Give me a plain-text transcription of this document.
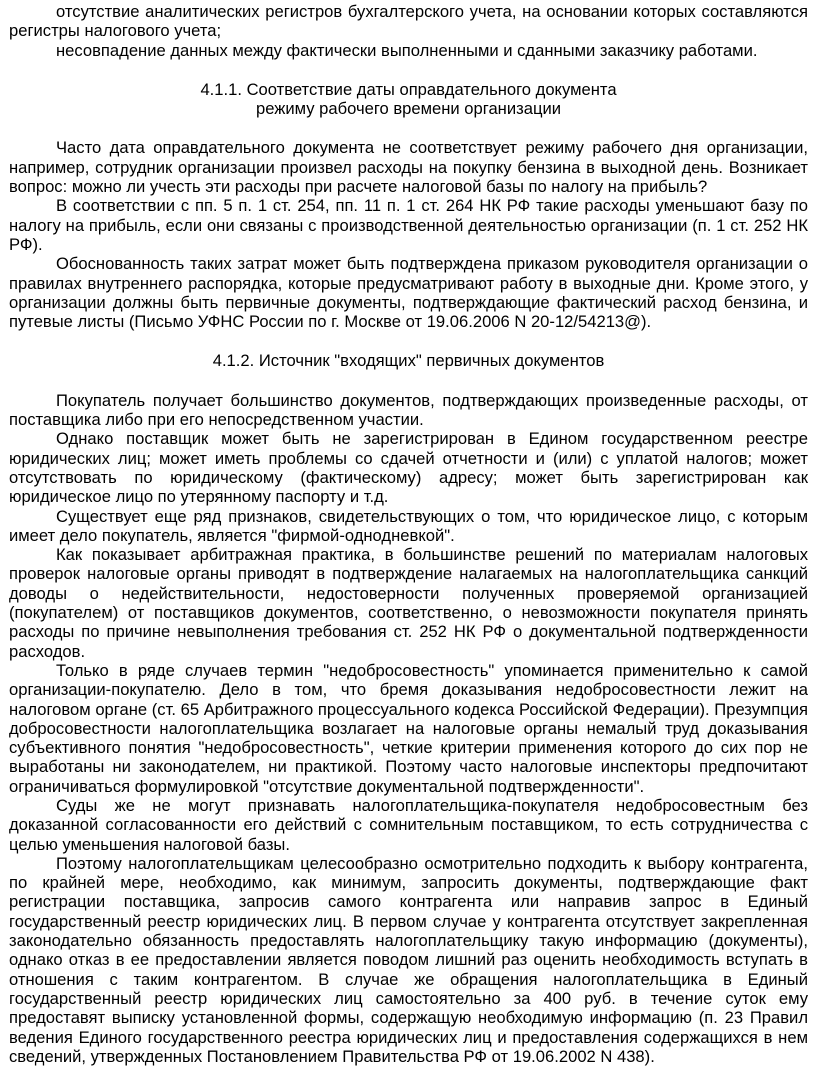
отсутствие аналитических регистров бухгалтерского учета, на основании которых составляются регистры налогового учета;

несовпадение данных между фактически выполненными и сданными заказчику работами.

4.1.1. Соответствие даты оправдательного документа

режиму рабочего времени организации

Часто дата оправдательного документа не соответствует режиму рабочего дня организации, например, сотрудник организации произвел расходы на покупку бензина в выходной день. Возникает вопрос: можно ли учесть эти расходы при расчете налоговой базы по налогу на прибыль?

В соответствии с пп. 5 п. 1 ст. 254, пп. 11 п. 1 ст. 264 НК РФ такие расходы уменьшают базу по налогу на прибыль, если они связаны с производственной деятельностью организации (п. 1 ст. 252 НК РФ).

Обоснованность таких затрат может быть подтверждена приказом руководителя организации о правилах внутреннего распорядка, которые предусматривают работу в выходные дни. Кроме этого, у организации должны быть первичные документы, подтверждающие фактический расход бензина, и путевые листы (Письмо УФНС России по г. Москве от 19.06.2006 N 20-12/54213@).

4.1.2. Источник "входящих" первичных документов

Покупатель получает большинство документов, подтверждающих произведенные расходы, от поставщика либо при его непосредственном участии.

Однако поставщик может быть не зарегистрирован в Едином государственном реестре юридических лиц; может иметь проблемы со сдачей отчетности и (или) с уплатой налогов; может отсутствовать по юридическому (фактическому) адресу; может быть зарегистрирован как юридическое лицо по утерянному паспорту и т.д.

Существует еще ряд признаков, свидетельствующих о том, что юридическое лицо, с которым имеет дело покупатель, является "фирмой-однодневкой".

Как показывает арбитражная практика, в большинстве решений по материалам налоговых проверок налоговые органы приводят в подтверждение налагаемых на налогоплательщика санкций доводы о недействительности, недостоверности полученных проверяемой организацией (покупателем) от поставщиков документов, соответственно, о невозможности покупателя принять расходы по причине невыполнения требования ст. 252 НК РФ о документальной подтвержденности расходов.

Только в ряде случаев термин "недобросовестность" упоминается применительно к самой организации-покупателю. Дело в том, что бремя доказывания недобросовестности лежит на налоговом органе (ст. 65 Арбитражного процессуального кодекса Российской Федерации). Презумпция добросовестности налогоплательщика возлагает на налоговые органы немалый труд доказывания субъективного понятия "недобросовестность", четкие критерии применения которого до сих пор не выработаны ни законодателем, ни практикой. Поэтому часто налоговые инспекторы предпочитают ограничиваться формулировкой "отсутствие документальной подтвержденности".

Суды же не могут признавать налогоплательщика-покупателя недобросовестным без доказанной согласованности его действий с сомнительным поставщиком, то есть сотрудничества с целью уменьшения налоговой базы.

Поэтому налогоплательщикам целесообразно осмотрительно подходить к выбору контрагента, по крайней мере, необходимо, как минимум, запросить документы, подтверждающие факт регистрации поставщика, запросив самого контрагента или направив запрос в Единый государственный реестр юридических лиц. В первом случае у контрагента отсутствует закрепленная законодательно обязанность предоставлять налогоплательщику такую информацию (документы), однако отказ в ее предоставлении является поводом лишний раз оценить необходимость вступать в отношения с таким контрагентом. В случае же обращения налогоплательщика в Единый государственный реестр юридических лиц самостоятельно за 400 руб. в течение суток ему предоставят выписку установленной формы, содержащую необходимую информацию (п. 23 Правил ведения Единого государственного реестра юридических лиц и предоставления содержащихся в нем сведений, утвержденных Постановлением Правительства РФ от 19.06.2002 N 438).
